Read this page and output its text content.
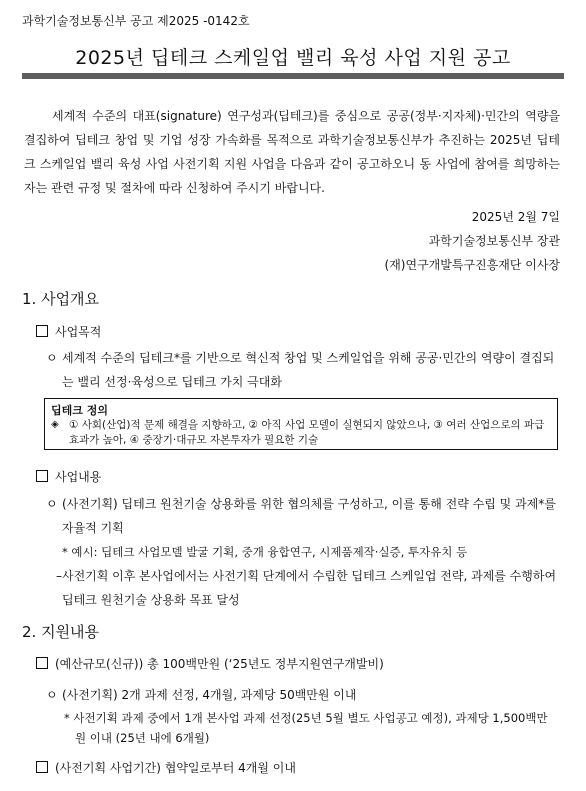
과학기술정보통신부 공고 제2025 -0142호
2025년 딥테크 스케일업 밸리 육성 사업 지원 공고

세계적 수준의 대표(signature) 연구성과(딥테크)를 중심으로 공공(정부·지자체)·민간의 역량을 결집하여 딥테크 창업 및 기업 성장 가속화를 목적으로 과학기술정보통신부가 추진하는 2025년 딥테크 스케일업 밸리 육성 사업 사전기획 지원 사업을 다음과 같이 공고하오니 동 사업에 참여를 희망하는 자는 관련 규정 및 절차에 따라 신청하여 주시기 바랍니다.

2025년 2월 7일
과학기술정보통신부 장관
(재)연구개발특구진흥재단 이사장
1. 사업개요
사업목적
ㅇ 세계적 수준의 딥테크*를 기반으로 혁신적 창업 및 스케일업을 위해 공공·민간의 역량이 결집되는 밸리 선정·육성으로 딥테크 가치 극대화
딥테크 정의
◈ ① 사회(산업)적 문제 해결을 지향하고, ② 아직 사업 모델이 실현되지 않았으나, ③ 여러 산업으로의 파급효과가 높아, ④ 중장기·대규모 자본투자가 필요한 기술
사업내용
ㅇ (사전기획) 딥테크 원천기술 상용화를 위한 협의체를 구성하고, 이를 통해 전략 수립 및 과제*를 자율적 기획
* 예시: 딥테크 사업모델 발굴 기획, 중개 융합연구, 시제품제작·실증, 투자유치 등
–사전기획 이후 본사업에서는 사전기획 단계에서 수립한 딥테크 스케일업 전략, 과제를 수행하여 딥테크 원천기술 상용화 목표 달성
2. 지원내용
(예산규모(신규)) 총 100백만원 (‘25년도 정부지원연구개발비)
ㅇ (사전기획) 2개 과제 선정, 4개월, 과제당 50백만원 이내
* 사전기획 과제 중에서 1개 본사업 과제 선정(25년 5월 별도 사업공고 예정), 과제당 1,500백만원 이내 (25년 내에 6개월)
(사전기획 사업기간) 협약일로부터 4개월 이내
